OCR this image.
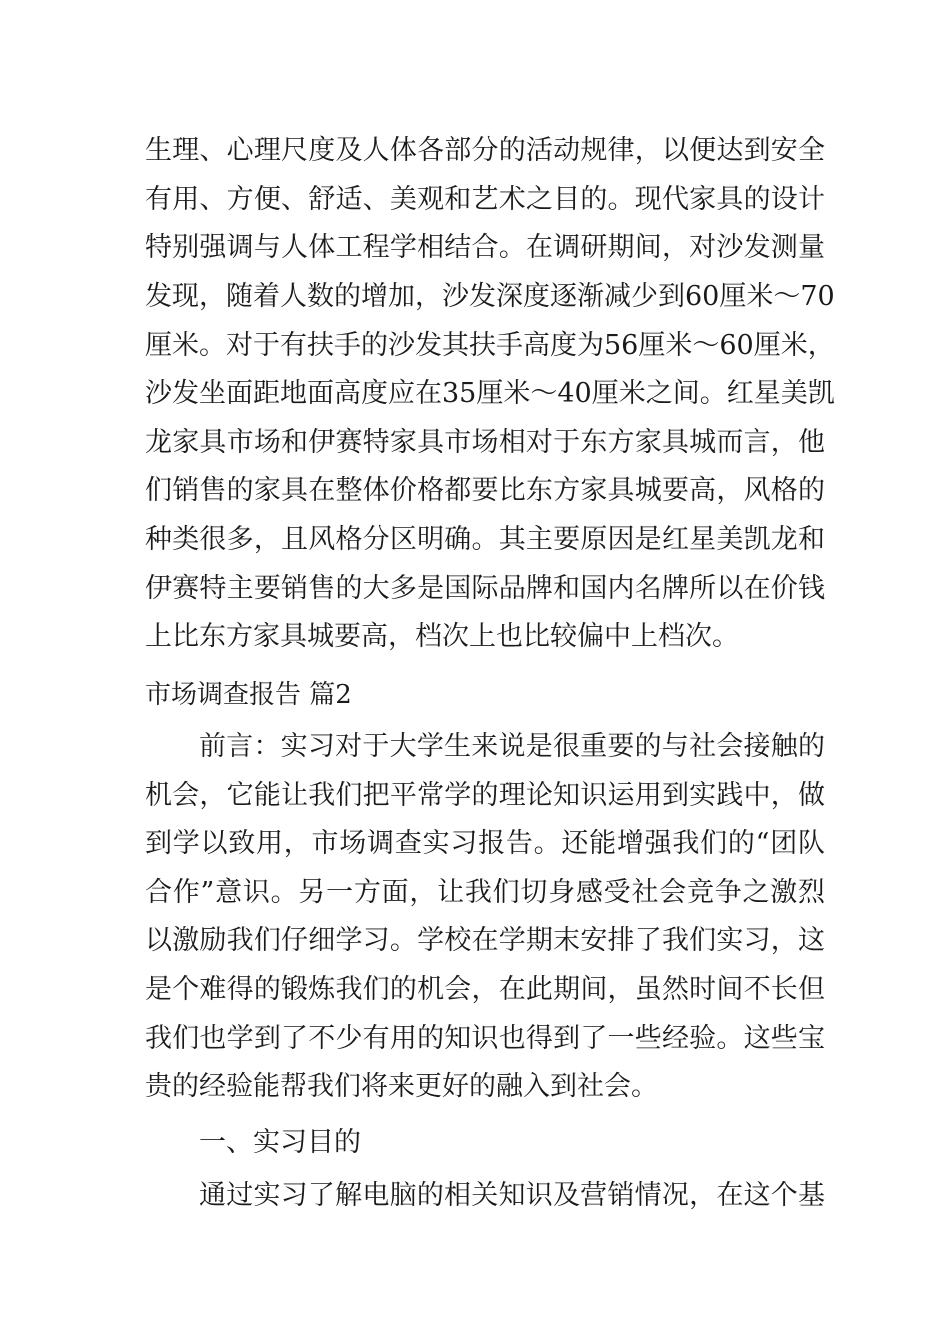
生理、心理尺度及人体各部分的活动规律，以便达到安全
有用、方便、舒适、美观和艺术之目的。现代家具的设计
特别强调与人体工程学相结合。在调研期间，对沙发测量
发现，随着人数的增加，沙发深度逐渐减少到60厘米～70
厘米。对于有扶手的沙发其扶手高度为56厘米～60厘米，
沙发坐面距地面高度应在35厘米～40厘米之间。红星美凯
龙家具市场和伊赛特家具市场相对于东方家具城而言，他
们销售的家具在整体价格都要比东方家具城要高，风格的
种类很多，且风格分区明确。其主要原因是红星美凯龙和
伊赛特主要销售的大多是国际品牌和国内名牌所以在价钱
上比东方家具城要高，档次上也比较偏中上档次。
市场调查报告 篇2
前言：实习对于大学生来说是很重要的与社会接触的
机会，它能让我们把平常学的理论知识运用到实践中，做
到学以致用，市场调查实习报告。还能增强我们的“团队
合作”意识。另一方面，让我们切身感受社会竞争之激烈
以激励我们仔细学习。学校在学期末安排了我们实习，这
是个难得的锻炼我们的机会，在此期间，虽然时间不长但
我们也学到了不少有用的知识也得到了一些经验。这些宝
贵的经验能帮我们将来更好的融入到社会。
一、实习目的
通过实习了解电脑的相关知识及营销情况，在这个基
